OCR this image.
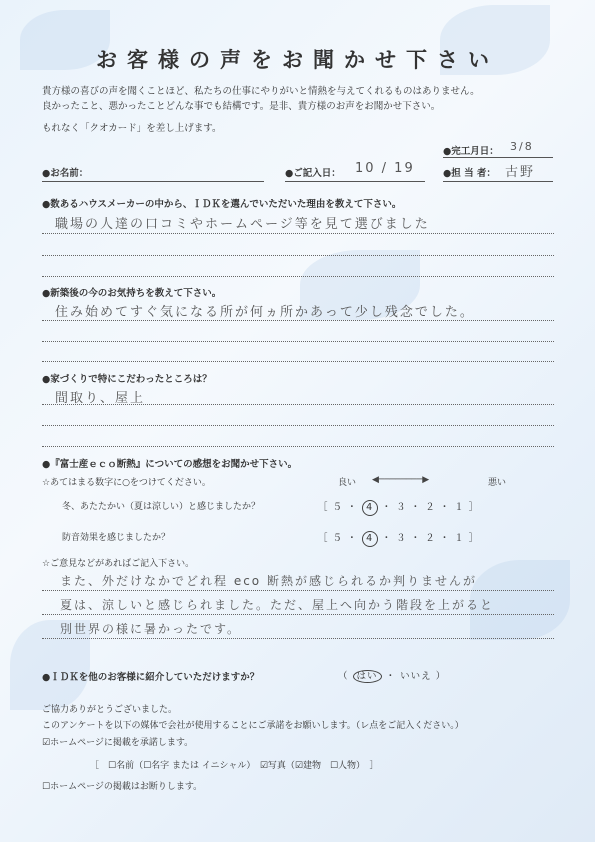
お客様の声をお聞かせ下さい
貴方様の喜びの声を聞くことほど、私たちの仕事にやりがいと情熱を与えてくれるものはありません。
良かったこと、悪かったことどんな事でも結構です。是非、貴方様のお声をお聞かせ下さい。
もれなく「クオカード」を差し上げます。
●完工月日： 3/8
●お名前：	●ご記入日： 10 / 19	●担 当 者： 古野
●数あるハウスメーカーの中から、ＩＤＫを選んでいただいた理由を教えて下さい。
職場の人達の口コミやホームページ等を見て選びました
●新築後の今のお気持ちを教えて下さい。
住み始めてすぐ気になる所が何ヵ所かあって少し残念でした。
●家づくりで特にこだわったところは？
間取り、屋上
●『富士産ｅｃｏ断熱』についての感想をお聞かせ下さい。
☆あてはまる数字に○をつけてください。	良い ◀────────▶	悪い
冬、あたたかい（夏は涼しい）と感じましたか？	［ ５ ・ 4 ・ ３ ・ ２ ・ １ ］
防音効果を感じましたか？	［ ５ ・ 4 ・ ３ ・ ２ ・ １ ］
☆ご意見などがあればご記入下さい。
また、外だけなかでどれ程 eco 断熱が感じられるか判りませんが
夏は、涼しいと感じられました。ただ、屋上へ向かう階段を上がると
別世界の様に暑かったです。
●ＩＤＫを他のお客様に紹介していただけますか？	（ はい ・ いいえ ）
ご協力ありがとうございました。
このアンケートを以下の媒体で会社が使用することにご承諾をお願いします。（レ点をご記入ください。）
☑ホームページに掲載を承諾します。
［　☐名前（☐名字 または イニシャル）　☑写真（☑建物　☐人物）　］
☐ホームページの掲載はお断りします。
